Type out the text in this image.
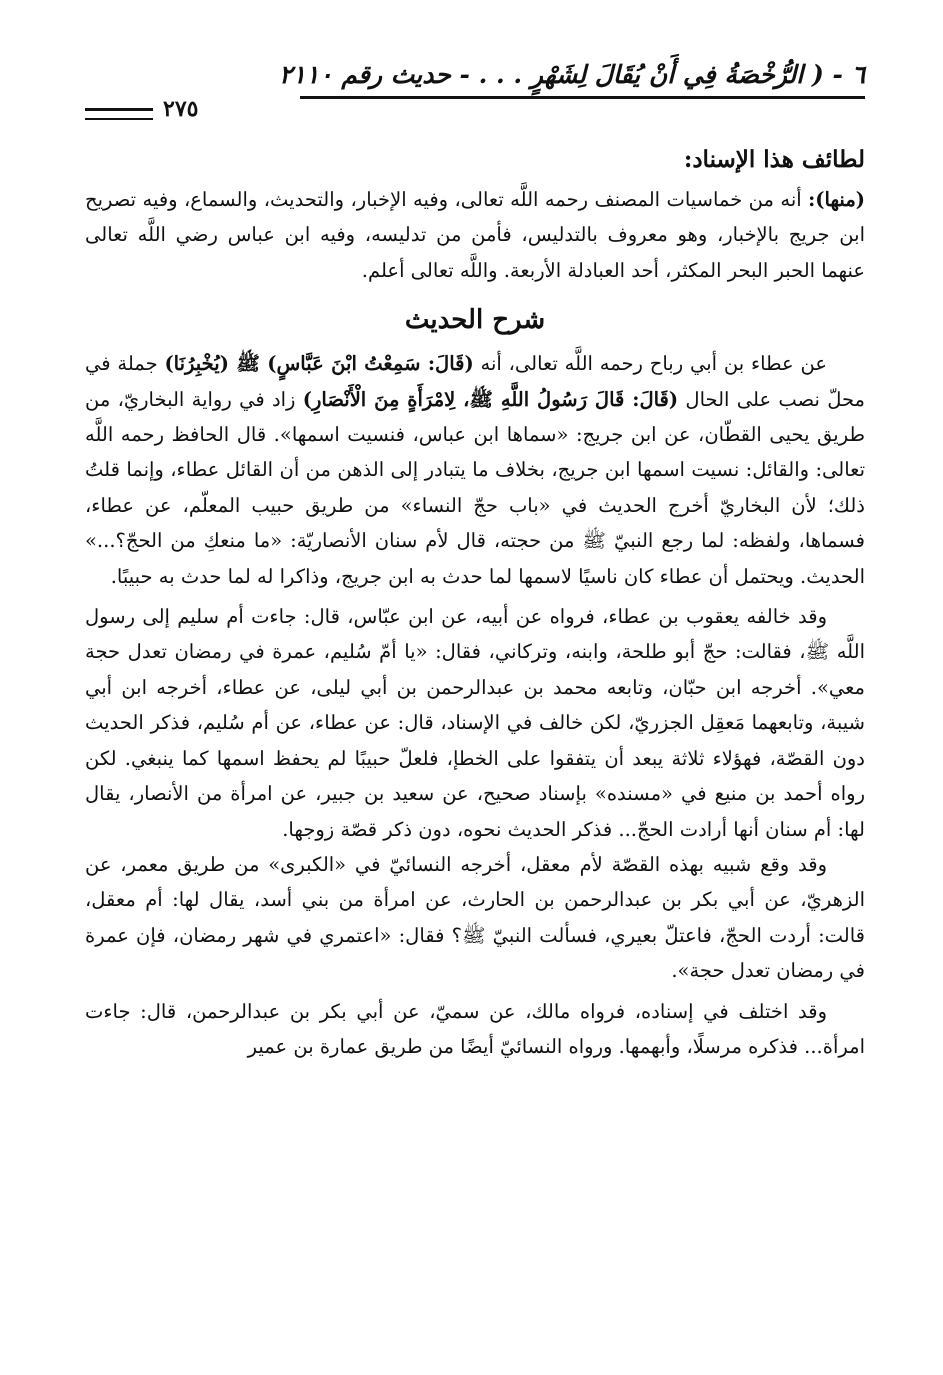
٦ - ( الرُّخْصَةُ فِي أَنْ يُقَالَ لِشَهْرٍ . . . - حديث رقم ٢١١٠
٢٧٥
لطائف هذا الإسناد:

(منها): أنه من خماسيات المصنف رحمه اللَّه تعالى، وفيه الإخبار، والتحديث، والسماع، وفيه تصريح ابن جريج بالإخبار، وهو معروف بالتدليس، فأمن من تدليسه، وفيه ابن عباس رضي اللَّه تعالى عنهما الحبر البحر المكثر، أحد العبادلة الأربعة. واللَّه تعالى أعلم.

شرح الحديث

عن عطاء بن أبي رباح رحمه اللَّه تعالى، أنه (قَالَ: سَمِعْتُ ابْنَ عَبَّاسٍ) ﷺ (يُخْبِرُنَا) جملة في محلّ نصب على الحال (قَالَ: قَالَ رَسُولُ اللَّهِ ﷺ، لِامْرَأَةٍ مِنَ الْأَنْصَارِ) زاد في رواية البخاريّ، من طريق يحيى القطّان، عن ابن جريج: «سماها ابن عباس، فنسيت اسمها». قال الحافظ رحمه اللَّه تعالى: والقائل: نسيت اسمها ابن جريج، بخلاف ما يتبادر إلى الذهن من أن القائل عطاء، وإنما قلتُ ذلك؛ لأن البخاريّ أخرج الحديث في «باب حجّ النساء» من طريق حبيب المعلّم، عن عطاء، فسماها، ولفظه: لما رجع النبيّ ﷺ من حجته، قال لأم سنان الأنصاريّة: «ما منعكِ من الحجّ؟...» الحديث. ويحتمل أن عطاء كان ناسيًا لاسمها لما حدث به ابن جريج، وذاكرا له لما حدث به حبيبًا.

وقد خالفه يعقوب بن عطاء، فرواه عن أبيه، عن ابن عبّاس، قال: جاءت أم سليم إلى رسول اللَّه ﷺ، فقالت: حجّ أبو طلحة، وابنه، وتركاني، فقال: «يا أمّ سُليم، عمرة في رمضان تعدل حجة معي». أخرجه ابن حبّان، وتابعه محمد بن عبدالرحمن بن أبي ليلى، عن عطاء، أخرجه ابن أبي شيبة، وتابعهما مَعقِل الجزريّ، لكن خالف في الإسناد، قال: عن عطاء، عن أم سُليم، فذكر الحديث دون القصّة، فهؤلاء ثلاثة يبعد أن يتفقوا على الخطإ، فلعلّ حبيبًا لم يحفظ اسمها كما ينبغي. لكن رواه أحمد بن منيع في «مسنده» بإسناد صحيح، عن سعيد بن جبير، عن امرأة من الأنصار، يقال لها: أم سنان أنها أرادت الحجّ... فذكر الحديث نحوه، دون ذكر قصّة زوجها.

وقد وقع شبيه بهذه القصّة لأم معقل، أخرجه النسائيّ في «الكبرى» من طريق معمر، عن الزهريّ، عن أبي بكر بن عبدالرحمن بن الحارث، عن امرأة من بني أسد، يقال لها: أم معقل، قالت: أردت الحجّ، فاعتلّ بعيري، فسألت النبيّ ﷺ؟ فقال: «اعتمري في شهر رمضان، فإن عمرة في رمضان تعدل حجة».

وقد اختلف في إسناده، فرواه مالك، عن سميّ، عن أبي بكر بن عبدالرحمن، قال: جاءت امرأة... فذكره مرسلًا، وأبهمها. ورواه النسائيّ أيضًا من طريق عمارة بن عمير
